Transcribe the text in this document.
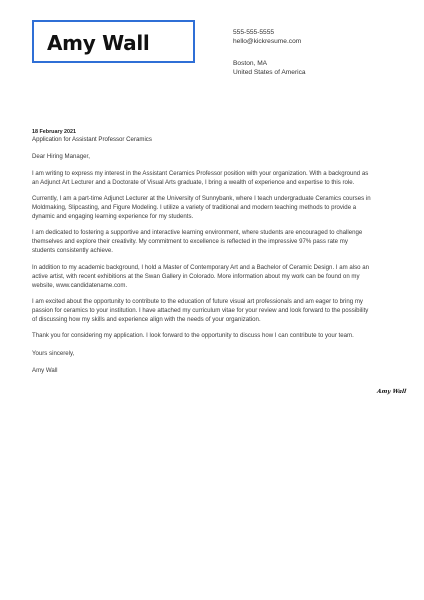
Amy Wall	555-555-5555
hello@kickresume.com
Boston, MA
United States of America
18 February 2021
Application for Assistant Professor Ceramics
Dear Hiring Manager,
I am writing to express my interest in the Assistant Ceramics Professor position with your organization. With a background as
an Adjunct Art Lecturer and a Doctorate of Visual Arts graduate, I bring a wealth of experience and expertise to this role.
Currently, I am a part-time Adjunct Lecturer at the University of Sunnybank, where I teach undergraduate Ceramics courses in
Moldmaking, Slipcasting, and Figure Modeling. I utilize a variety of traditional and modern teaching methods to provide a
dynamic and engaging learning experience for my students.
I am dedicated to fostering a supportive and interactive learning environment, where students are encouraged to challenge
themselves and explore their creativity. My commitment to excellence is reflected in the impressive 97% pass rate my
students consistently achieve.
In addition to my academic background, I hold a Master of Contemporary Art and a Bachelor of Ceramic Design. I am also an
active artist, with recent exhibitions at the Swan Gallery in Colorado. More information about my work can be found on my
website, www.candidatename.com.
I am excited about the opportunity to contribute to the education of future visual art professionals and am eager to bring my
passion for ceramics to your institution. I have attached my curriculum vitae for your review and look forward to the possibility
of discussing how my skills and experience align with the needs of your organization.
Thank you for considering my application. I look forward to the opportunity to discuss how I can contribute to your team.
Yours sincerely,
Amy Wall
Amy Wall
